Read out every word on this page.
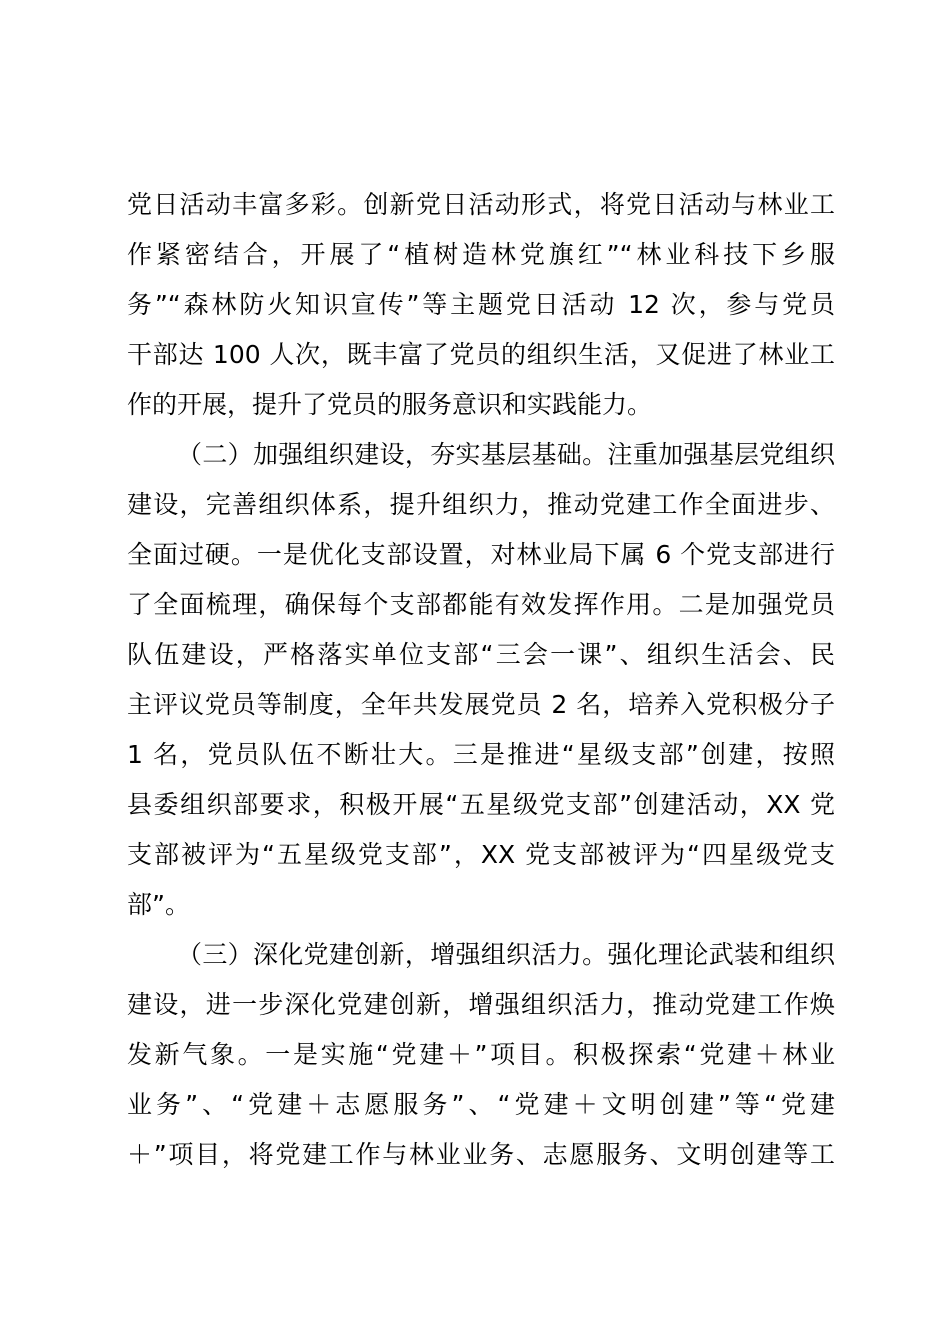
党日活动丰富多彩。创新党日活动形式，将党日活动与林业工
作紧密结合，开展了“植树造林党旗红”“林业科技下乡服
务”“森林防火知识宣传”等主题党日活动 12 次，参与党员
干部达 100 人次，既丰富了党员的组织生活，又促进了林业工
作的开展，提升了党员的服务意识和实践能力。
（二）加强组织建设，夯实基层基础。注重加强基层党组织
建设，完善组织体系，提升组织力，推动党建工作全面进步、
全面过硬。一是优化支部设置，对林业局下属 6 个党支部进行
了全面梳理，确保每个支部都能有效发挥作用。二是加强党员
队伍建设，严格落实单位支部“三会一课”、组织生活会、民
主评议党员等制度，全年共发展党员 2 名，培养入党积极分子
1 名，党员队伍不断壮大。三是推进“星级支部”创建，按照
县委组织部要求，积极开展“五星级党支部”创建活动，XX 党
支部被评为“五星级党支部”，XX 党支部被评为“四星级党支
部”。
（三）深化党建创新，增强组织活力。强化理论武装和组织
建设，进一步深化党建创新，增强组织活力，推动党建工作焕
发新气象。一是实施“党建＋”项目。积极探索“党建＋林业
业务”、“党建＋志愿服务”、“党建＋文明创建”等“党建
＋”项目，将党建工作与林业业务、志愿服务、文明创建等工
